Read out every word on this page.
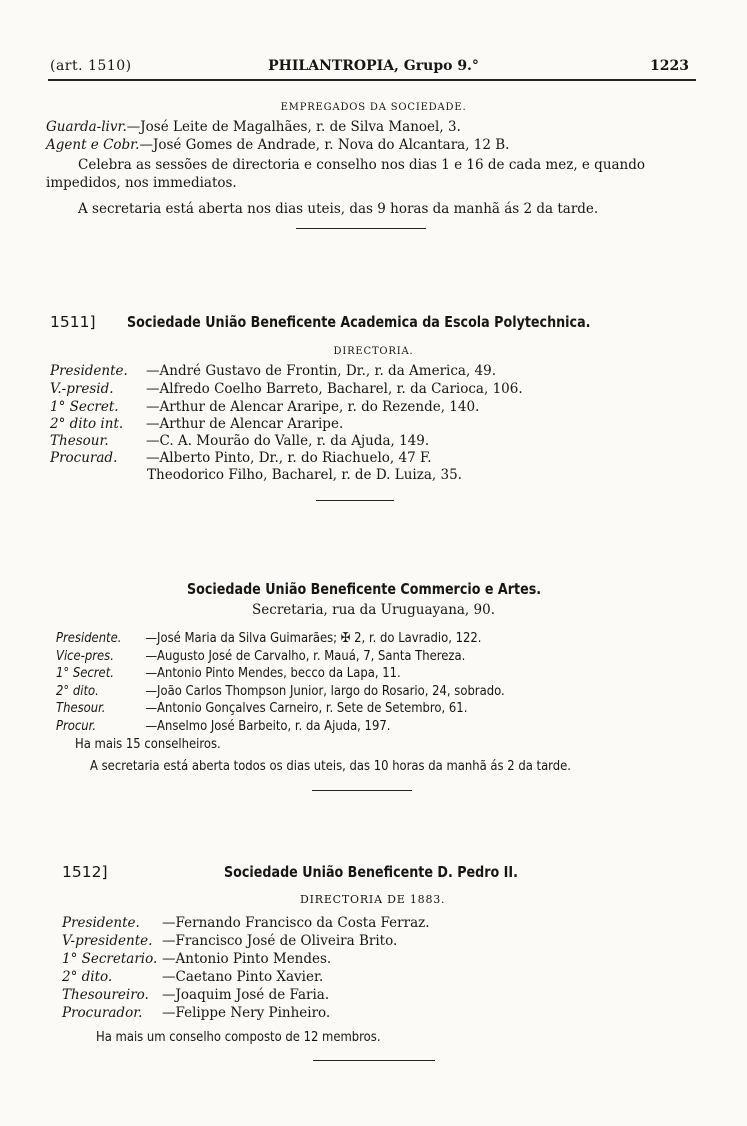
(art. 1510)	PHILANTROPIA, Grupo 9.°	1223
EMPREGADOS DA SOCIEDADE.
Guarda-livr.—José Leite de Magalhães, r. de Silva Manoel, 3.
Agent e Cobr.—José Gomes de Andrade, r. Nova do Alcantara, 12 B.
Celebra as sessões de directoria e conselho nos dias 1 e 16 de cada mez, e quando
impedidos, nos immediatos.
A secretaria está aberta nos dias uteis, das 9 horas da manhã ás 2 da tarde.
1511] Sociedade União Beneficente Academica da Escola Polytechnica.
DIRECTORIA.
Presidente. —André Gustavo de Frontin, Dr., r. da America, 49.
V.-presid. —Alfredo Coelho Barreto, Bacharel, r. da Carioca, 106.
1° Secret. —Arthur de Alencar Araripe, r. do Rezende, 140.
2° dito int. —Arthur de Alencar Araripe.
Thesour.	—C. A. Mourão do Valle, r. da Ajuda, 149.
Procurad. —Alberto Pinto, Dr., r. do Riachuelo, 47 F.
Theodorico Filho, Bacharel, r. de D. Luiza, 35.
Sociedade União Beneficente Commercio e Artes.
Secretaria, rua da Uruguayana, 90.
Presidente. —José Maria da Silva Guimarães; ✠ 2, r. do Lavradio, 122.
Vice-pres. —Augusto José de Carvalho, r. Mauá, 7, Santa Thereza.
1° Secret. —Antonio Pinto Mendes, becco da Lapa, 11.
2° dito.	—João Carlos Thompson Junior, largo do Rosario, 24, sobrado.
Thesour.	—Antonio Gonçalves Carneiro, r. Sete de Setembro, 61.
Procur.	—Anselmo José Barbeito, r. da Ajuda, 197.
Ha mais 15 conselheiros.
A secretaria está aberta todos os dias uteis, das 10 horas da manhã ás 2 da tarde.
1512]	Sociedade União Beneficente D. Pedro II.
DIRECTORIA DE 1883.
Presidente. —Fernando Francisco da Costa Ferraz.
V-presidente. —Francisco José de Oliveira Brito.
1° Secretario. —Antonio Pinto Mendes.
2° dito.	—Caetano Pinto Xavier.
Thesoureiro. —Joaquim José de Faria.
Procurador. —Felippe Nery Pinheiro.
Ha mais um conselho composto de 12 membros.
